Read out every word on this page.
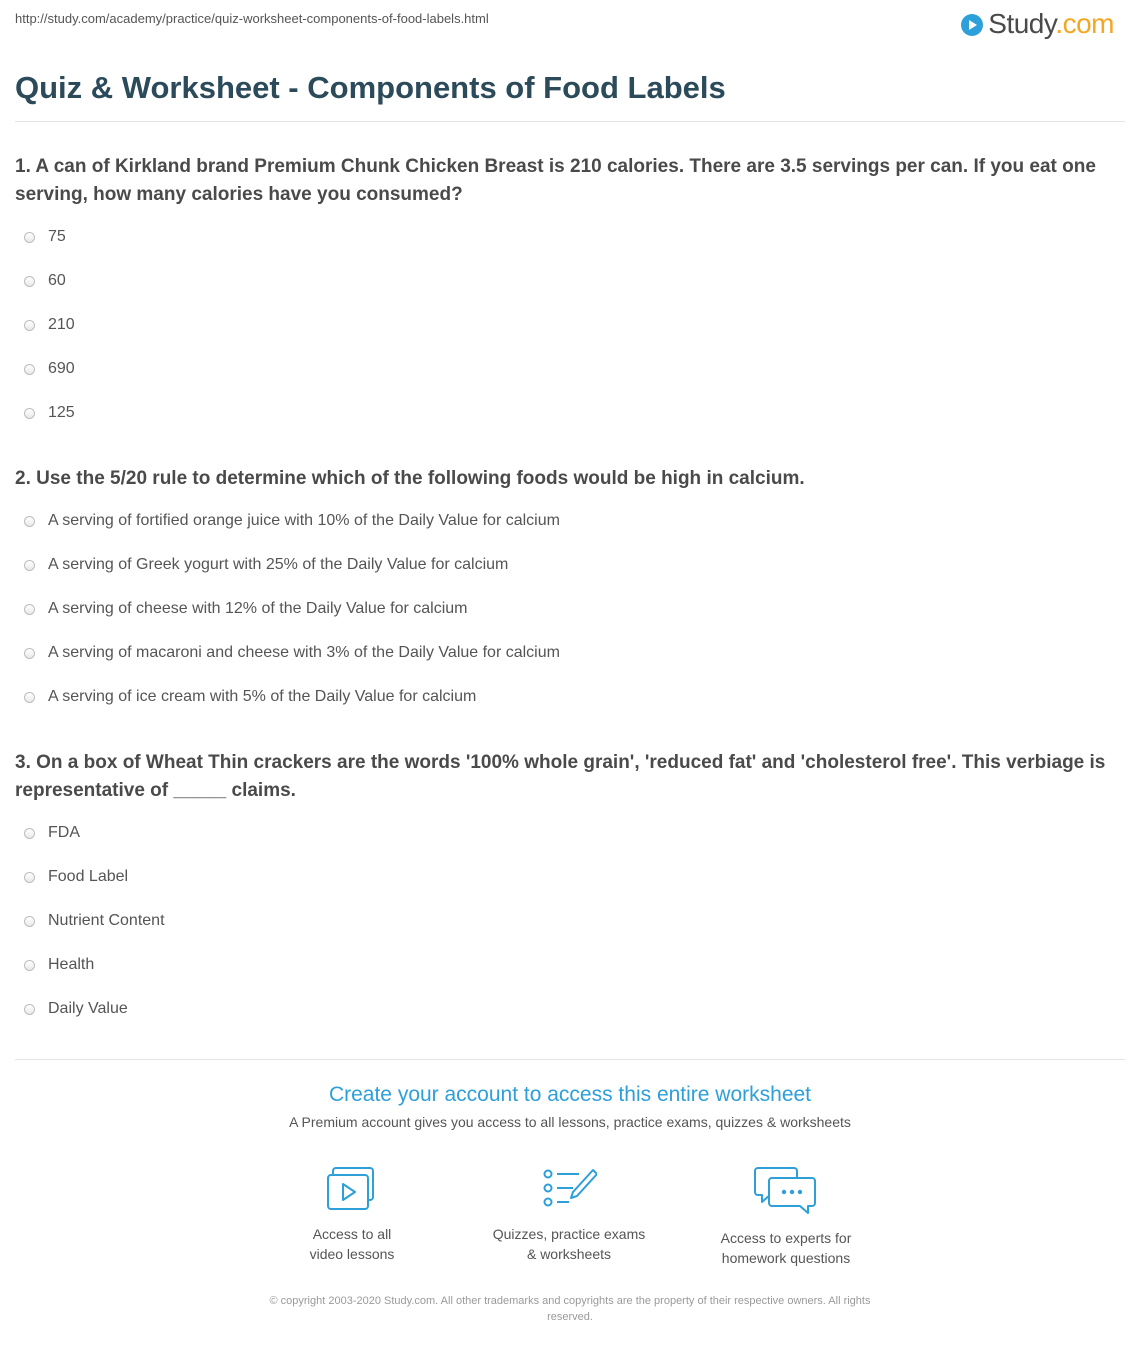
http://study.com/academy/practice/quiz-worksheet-components-of-food-labels.html	Study.com
Quiz & Worksheet - Components of Food Labels

1. A can of Kirkland brand Premium Chunk Chicken Breast is 210 calories. There are 3.5 servings per can. If you eat one serving, how many calories have you consumed?

75
60
210
690
125

2. Use the 5/20 rule to determine which of the following foods would be high in calcium.

A serving of fortified orange juice with 10% of the Daily Value for calcium
A serving of Greek yogurt with 25% of the Daily Value for calcium
A serving of cheese with 12% of the Daily Value for calcium
A serving of macaroni and cheese with 3% of the Daily Value for calcium
A serving of ice cream with 5% of the Daily Value for calcium

3. On a box of Wheat Thin crackers are the words '100% whole grain', 'reduced fat' and 'cholesterol free'. This verbiage is representative of _____ claims.

FDA
Food Label
Nutrient Content
Health
Daily Value
Create your account to access this entire worksheet
A Premium account gives you access to all lessons, practice exams, quizzes & worksheets
Access to all
video lessons
Quizzes, practice exams
& worksheets
Access to experts for
homework questions
© copyright 2003-2020 Study.com. All other trademarks and copyrights are the property of their respective owners. All rights
reserved.
